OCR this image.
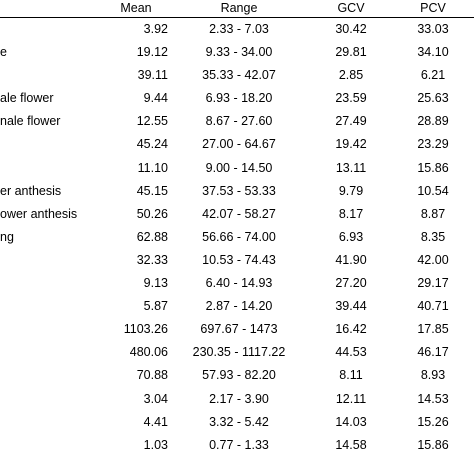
	Mean	Range	GCV	PCV
	3.92	2.33 - 7.03	30.42	33.03
e	19.12	9.33 - 34.00	29.81	34.10
	39.11	35.33 - 42.07	2.85	6.21
ale flower	9.44	6.93 - 18.20	23.59	25.63
nale flower	12.55	8.67 - 27.60	27.49	28.89
	45.24	27.00 - 64.67	19.42	23.29
	11.10	9.00 - 14.50	13.11	15.86
er anthesis	45.15	37.53 - 53.33	9.79	10.54
ower anthesis	50.26	42.07 - 58.27	8.17	8.87
ng	62.88	56.66 - 74.00	6.93	8.35
	32.33	10.53 - 74.43	41.90	42.00
	9.13	6.40 - 14.93	27.20	29.17
	5.87	2.87 - 14.20	39.44	40.71
	1103.26	697.67 - 1473	16.42	17.85
	480.06	230.35 - 1117.22	44.53	46.17
	70.88	57.93 - 82.20	8.11	8.93
	3.04	2.17 - 3.90	12.11	14.53
	4.41	3.32 - 5.42	14.03	15.26
	1.03	0.77 - 1.33	14.58	15.86
